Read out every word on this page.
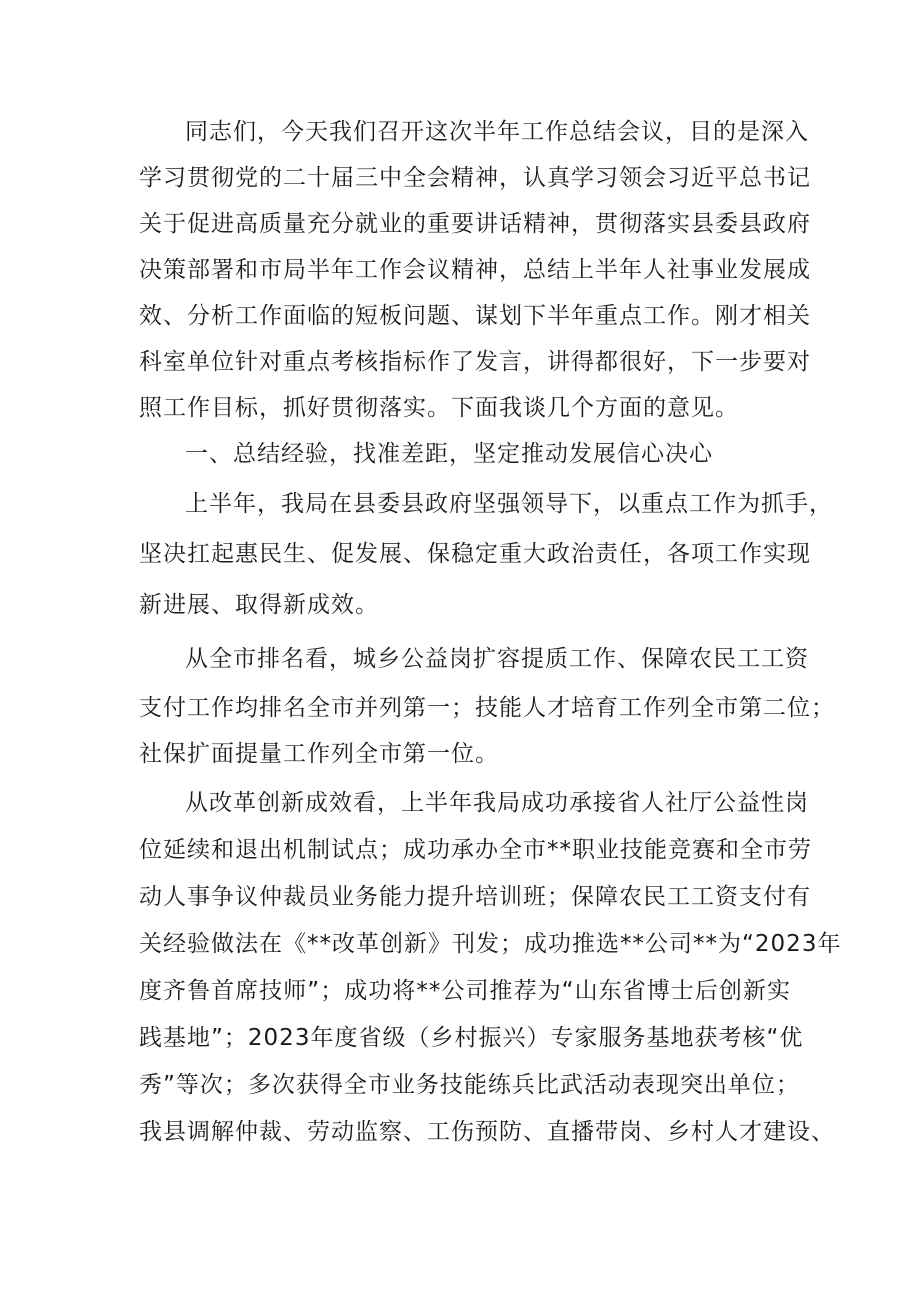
同志们，今天我们召开这次半年工作总结会议，目的是深入
学习贯彻党的二十届三中全会精神，认真学习领会习近平总书记
关于促进高质量充分就业的重要讲话精神，贯彻落实县委县政府
决策部署和市局半年工作会议精神，总结上半年人社事业发展成
效、分析工作面临的短板问题、谋划下半年重点工作。刚才相关
科室单位针对重点考核指标作了发言，讲得都很好，下一步要对
照工作目标，抓好贯彻落实。下面我谈几个方面的意见。
一、总结经验，找准差距，坚定推动发展信心决心
上半年，我局在县委县政府坚强领导下，以重点工作为抓手，
坚决扛起惠民生、促发展、保稳定重大政治责任，各项工作实现
新进展、取得新成效。
从全市排名看，城乡公益岗扩容提质工作、保障农民工工资
支付工作均排名全市并列第一；技能人才培育工作列全市第二位；
社保扩面提量工作列全市第一位。
从改革创新成效看，上半年我局成功承接省人社厅公益性岗
位延续和退出机制试点；成功承办全市**职业技能竞赛和全市劳
动人事争议仲裁员业务能力提升培训班；保障农民工工资支付有
关经验做法在《**改革创新》刊发；成功推选**公司**为“2023年
度齐鲁首席技师”；成功将**公司推荐为“山东省博士后创新实
践基地”；2023年度省级（乡村振兴）专家服务基地获考核“优
秀”等次；多次获得全市业务技能练兵比武活动表现突出单位；
我县调解仲裁、劳动监察、工伤预防、直播带岗、乡村人才建设、
